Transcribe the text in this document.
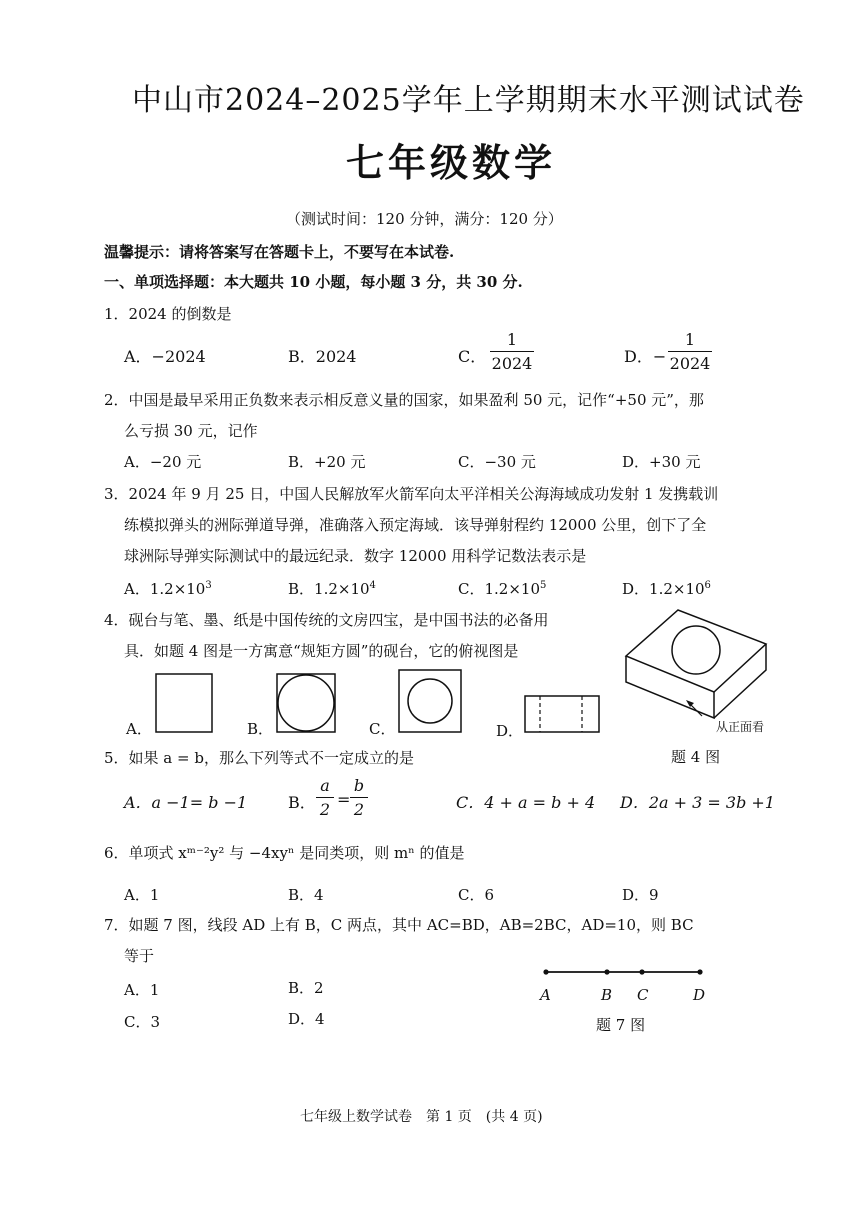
中山市2024–2025学年上学期期末水平测试试卷
七年级数学
（测试时间：120 分钟，满分：120 分）
温馨提示：请将答案写在答题卡上，不要写在本试卷.
一、单项选择题：本大题共 10 小题，每小题 3 分，共 30 分.
1．2024 的倒数是
A．−2024	B．2024	C．
1
2024	D．−
1
2024
2．中国是最早采用正负数来表示相反意义量的国家，如果盈利 50 元，记作“+50 元”，那
么亏损 30 元，记作
A．−20 元	B．+20 元	C．−30 元	D．+30 元
3．2024 年 9 月 25 日，中国人民解放军火箭军向太平洋相关公海海域成功发射 1 发携载训
练模拟弹头的洲际弹道导弹，准确落入预定海域．该导弹射程约 12000 公里，创下了全
球洲际导弹实际测试中的最远纪录．数字 12000 用科学记数法表示是
A．$1.2\times 10^3$	B．$1.2\times 10^4$	C．$1.2\times 10^5$	D．$1.2\times 10^6$
4．砚台与笔、墨、纸是中国传统的文房四宝，是中国书法的必备用
具．如题 4 图是一方寓意“规矩方圆”的砚台，它的俯视图是
A．	B．	C．	D．	从正面看
题 4 图
5．如果 a = b，那么下列等式不一定成立的是
A．a −1= b −1	B．
a
2
=
b
2	C．4 + a = b + 4 D．2a + 3 = 3b +1
6．单项式 xᵐ⁻²y² 与 −4xyⁿ 是同类项，则 mⁿ 的值是
A．1	B．4	C．6	D．9
7．如题 7 图，线段 AD 上有 B，C 两点，其中 AC=BD，AB=2BC，AD=10，则 BC
等于
A．1	B．2
C．3	D．4
A	B C	D
题 7 图
七年级上数学试卷　第 1 页　(共 4 页)
